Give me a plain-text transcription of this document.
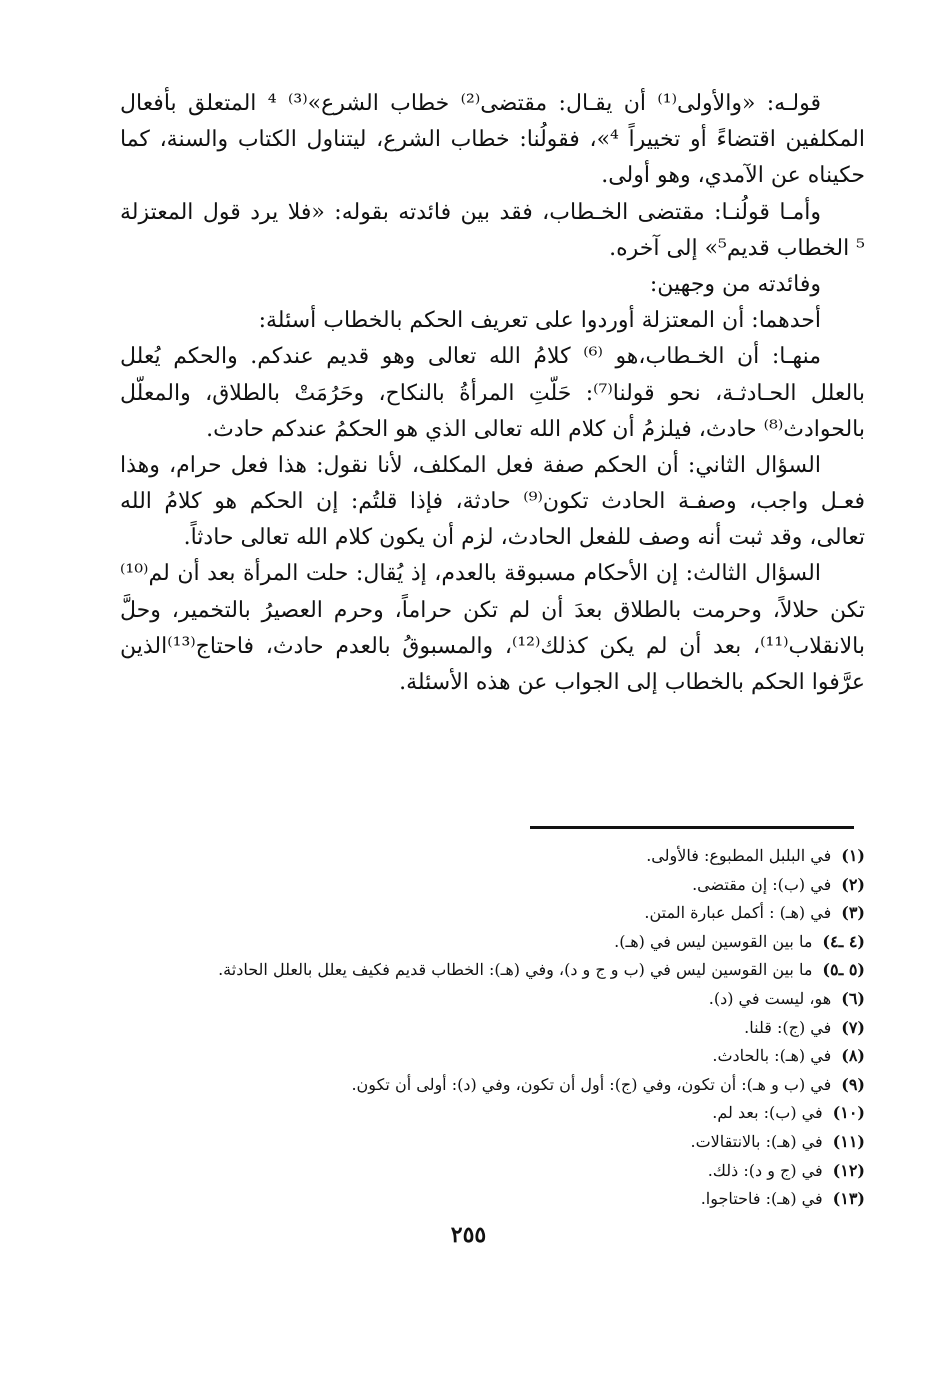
قولـه: «والأولى⁽¹⁾ أن يقـال: مقتضى⁽²⁾ خطاب الشرع»⁽³⁾ ⁴ المتعلق بأفعال
المكلفين اقتضاءً أو تخييراً ⁴»، فقولُنا: خطاب الشرع، ليتناول الكتاب والسنة، كما
حكيناه عن الآمدي، وهو أولى.
وأمـا قولُنـا: مقتضى الخـطاب، فقد بين فائدته بقوله: «فلا يرد قول المعتزلة
⁵ الخطاب قديم⁵» إلى آخره.
وفائدته من وجهين:
أحدهما: أن المعتزلة أوردوا على تعريف الحكم بالخطاب أسئلة:
منهـا: أن الخـطاب،هو ⁽⁶⁾ كلامُ الله تعالى وهو قديم عندكم. والحكم يُعلل
بالعلل الحـادثـة، نحو قولنا⁽⁷⁾: حَلَّتِ المرأةُ بالنكاح، وحَرُمَتْ بالطلاق، والمعلَّل
بالحوادث⁽⁸⁾ حادث، فيلزمُ أن كلام الله تعالى الذي هو الحكمُ عندكم حادث.
السؤال الثاني: أن الحكم صفة فعل المكلف، لأنا نقول: هذا فعل حرام، وهذا
فعـل واجب، وصفـة الحادث تكون⁽⁹⁾ حادثة، فإذا قلتُم: إن الحكم هو كلامُ الله
تعالى، وقد ثبت أنه وصف للفعل الحادث، لزم أن يكون كلام الله تعالى حادثاً.
السؤال الثالث: إن الأحكام مسبوقة بالعدم، إذ يُقال: حلت المرأة بعد أن لم⁽¹⁰⁾
تكن حلالاً، وحرمت بالطلاق بعدَ أن لم تكن حراماً، وحرم العصيرُ بالتخمير، وحلَّ
بالانقلاب⁽¹¹⁾، بعد أن لم يكن كذلك⁽¹²⁾، والمسبوقُ بالعدم حادث، فاحتاج⁽¹³⁾الذين
عرَّفوا الحكم بالخطاب إلى الجواب عن هذه الأسئلة.
(١)في البلبل المطبوع: فالأولى.
(٢)في (ب): إن مقتضى.
(٣)في (هـ) : أكمل عبارة المتن.
(٤ ـ٤)ما بين القوسين ليس في (هـ).
(٥ ـ٥)ما بين القوسين ليس في (ب و ج و د)، وفي (هـ): الخطاب قديم فكيف يعلل بالعلل الحادثة.
(٦)هو، ليست في (د).
(٧)في (ج): قلنا.
(٨)في (هـ): بالحادث.
(٩)في (ب و هـ): أن تكون، وفي (ج): أول أن تكون، وفي (د): أولى أن تكون.
(١٠)في (ب): بعد لم.
(١١)في (هـ): بالانتقالات.
(١٢)في (ج و د): ذلك.
(١٣)في (هـ): فاحتاجوا.
٢٥٥
